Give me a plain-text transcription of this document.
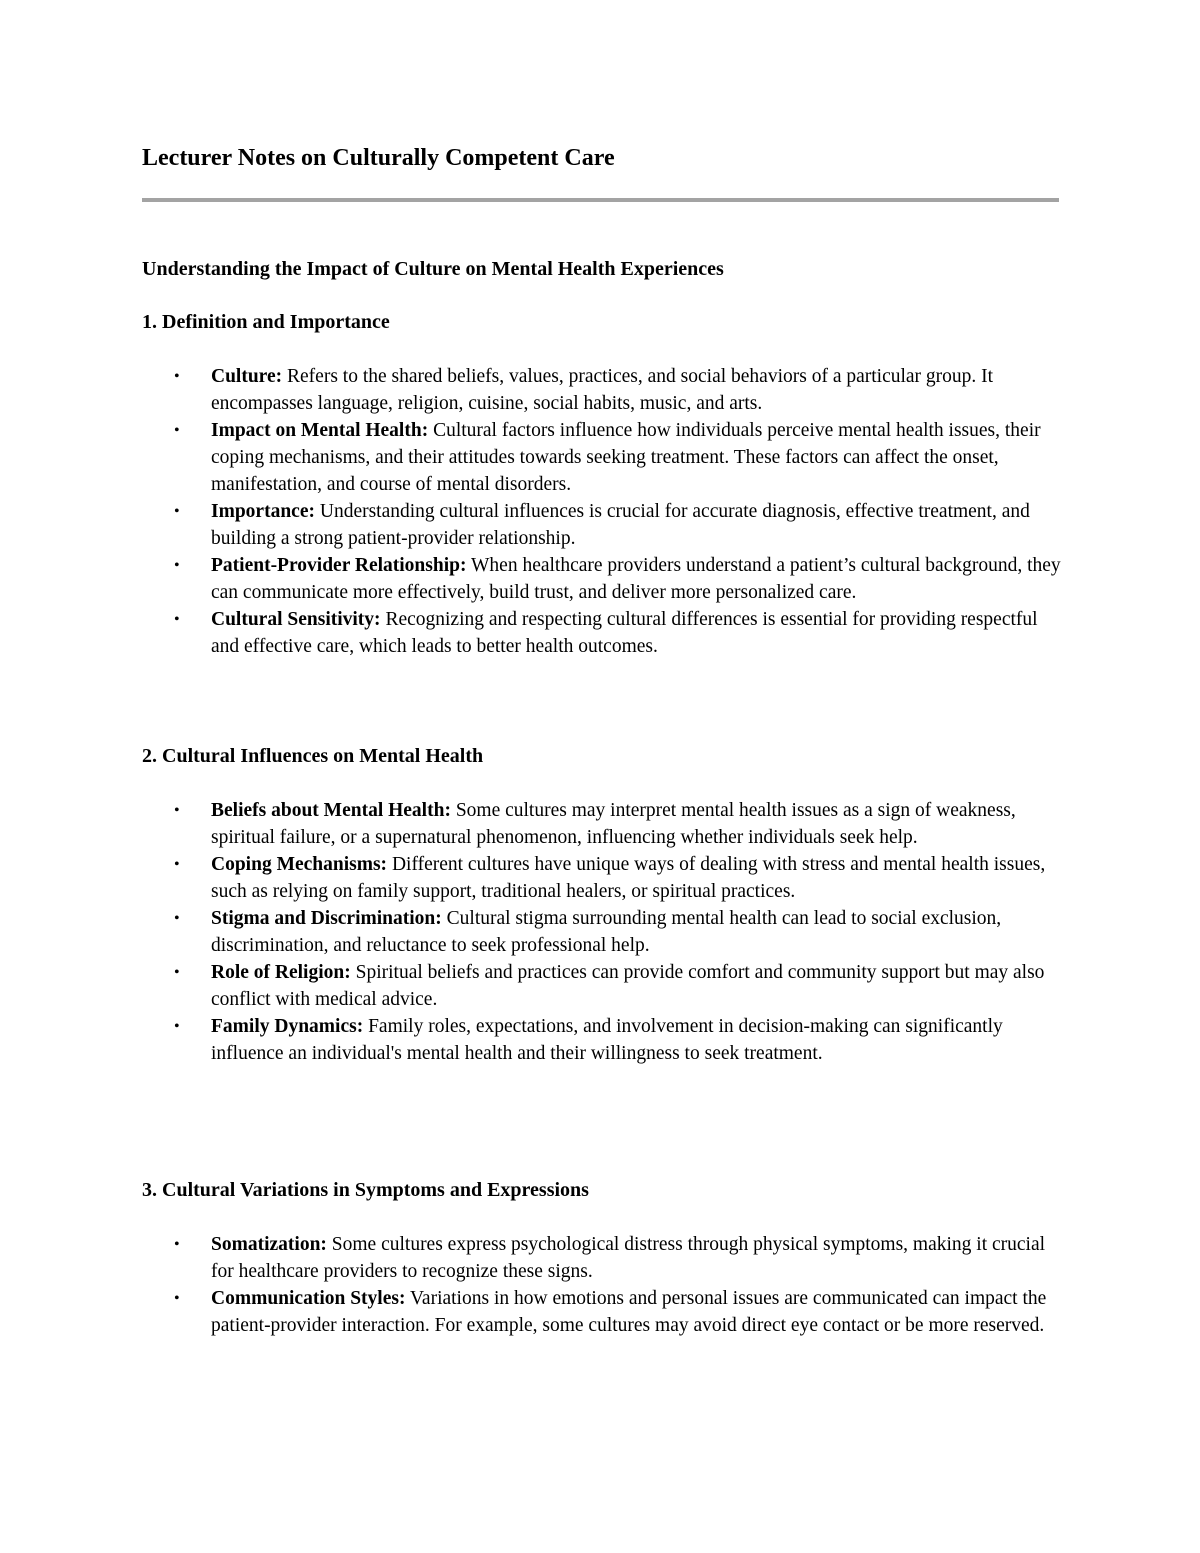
Lecturer Notes on Culturally Competent Care
Understanding the Impact of Culture on Mental Health Experiences
1. Definition and Importance
• Culture: Refers to the shared beliefs, values, practices, and social behaviors of a particular group. It encompasses language, religion, cuisine, social habits, music, and arts.
• Impact on Mental Health: Cultural factors influence how individuals perceive mental health issues, their coping mechanisms, and their attitudes towards seeking treatment. These factors can affect the onset, manifestation, and course of mental disorders.
• Importance: Understanding cultural influences is crucial for accurate diagnosis, effective treatment, and building a strong patient-provider relationship.
• Patient-Provider Relationship: When healthcare providers understand a patient’s cultural background, they can communicate more effectively, build trust, and deliver more personalized care.
• Cultural Sensitivity: Recognizing and respecting cultural differences is essential for providing respectful and effective care, which leads to better health outcomes.
2. Cultural Influences on Mental Health
• Beliefs about Mental Health: Some cultures may interpret mental health issues as a sign of weakness, spiritual failure, or a supernatural phenomenon, influencing whether individuals seek help.
• Coping Mechanisms: Different cultures have unique ways of dealing with stress and mental health issues, such as relying on family support, traditional healers, or spiritual practices.
• Stigma and Discrimination: Cultural stigma surrounding mental health can lead to social exclusion, discrimination, and reluctance to seek professional help.
• Role of Religion: Spiritual beliefs and practices can provide comfort and community support but may also conflict with medical advice.
• Family Dynamics: Family roles, expectations, and involvement in decision-making can significantly influence an individual's mental health and their willingness to seek treatment.
3. Cultural Variations in Symptoms and Expressions
• Somatization: Some cultures express psychological distress through physical symptoms, making it crucial for healthcare providers to recognize these signs.
• Communication Styles: Variations in how emotions and personal issues are communicated can impact the patient-provider interaction. For example, some cultures may avoid direct eye contact or be more reserved.
